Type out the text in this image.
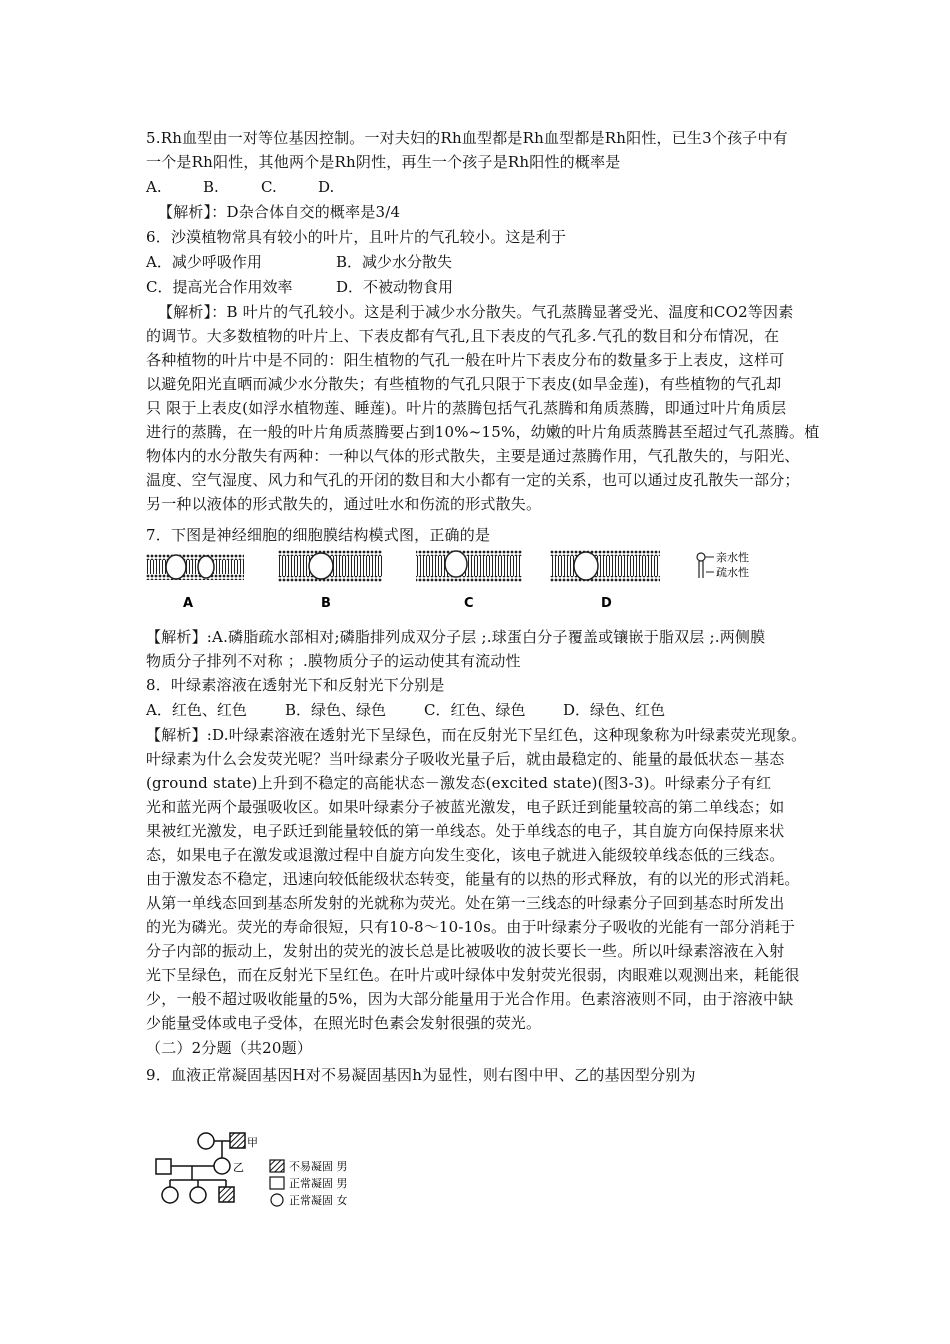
5.Rh血型由一对等位基因控制。一对夫妇的Rh血型都是Rh血型都是Rh阳性，已生3个孩子中有
一个是Rh阳性，其他两个是Rh阴性，再生一个孩子是Rh阳性的概率是
A.	B.	C.	D.
【解析】：D杂合体自交的概率是3/4
6．沙漠植物常具有较小的叶片，且叶片的气孔较小。这是利于
A．减少呼吸作用	B．减少水分散失
C．提高光合作用效率	D．不被动物食用
【解析】：B 叶片的气孔较小。这是利于减少水分散失。气孔蒸腾显著受光、温度和CO2等因素
的调节。大多数植物的叶片上、下表皮都有气孔,且下表皮的气孔多.气孔的数目和分布情况，在
各种植物的叶片中是不同的：阳生植物的气孔一般在叶片下表皮分布的数量多于上表皮，这样可
以避免阳光直晒而减少水分散失；有些植物的气孔只限于下表皮(如旱金莲)，有些植物的气孔却
只 限于上表皮(如浮水植物莲、睡莲)。叶片的蒸腾包括气孔蒸腾和角质蒸腾，即通过叶片角质层
进行的蒸腾，在一般的叶片角质蒸腾要占到10%~15%，幼嫩的叶片角质蒸腾甚至超过气孔蒸腾。植
物体内的水分散失有两种：一种以气体的形式散失，主要是通过蒸腾作用，气孔散失的，与阳光、
温度、空气湿度、风力和气孔的开闭的数目和大小都有一定的关系，也可以通过皮孔散失一部分；
另一种以液体的形式散失的，通过吐水和伤流的形式散失。
7．下图是神经细胞的细胞膜结构模式图，正确的是
亲水性
疏水性
A	B	C	D
【解析】:A.磷脂疏水部相对;磷脂排列成双分子层 ;.球蛋白分子覆盖或镶嵌于脂双层 ;.两侧膜
物质分子排列不对称 ；.膜物质分子的运动使其有流动性
8．叶绿素溶液在透射光下和反射光下分别是
A．红色、红色	B．绿色、绿色	C．红色、绿色	D．绿色、红色
【解析】:D.叶绿素溶液在透射光下呈绿色，而在反射光下呈红色，这种现象称为叶绿素荧光现象。
叶绿素为什么会发荧光呢？当叶绿素分子吸收光量子后，就由最稳定的、能量的最低状态－基态
(ground state)上升到不稳定的高能状态－激发态(excited state)(图3-3)。叶绿素分子有红
光和蓝光两个最强吸收区。如果叶绿素分子被蓝光激发，电子跃迁到能量较高的第二单线态；如
果被红光激发，电子跃迁到能量较低的第一单线态。处于单线态的电子，其自旋方向保持原来状
态，如果电子在激发或退激过程中自旋方向发生变化，该电子就进入能级较单线态低的三线态。
由于激发态不稳定，迅速向较低能级状态转变，能量有的以热的形式释放，有的以光的形式消耗。
从第一单线态回到基态所发射的光就称为荧光。处在第一三线态的叶绿素分子回到基态时所发出
的光为磷光。荧光的寿命很短，只有10-8～10-10s。由于叶绿素分子吸收的光能有一部分消耗于
分子内部的振动上，发射出的荧光的波长总是比被吸收的波长要长一些。所以叶绿素溶液在入射
光下呈绿色，而在反射光下呈红色。在叶片或叶绿体中发射荧光很弱，肉眼难以观测出来，耗能很
少，一般不超过吸收能量的5%，因为大部分能量用于光合作用。色素溶液则不同，由于溶液中缺
少能量受体或电子受体，在照光时色素会发射很强的荧光。
（二）2分题（共20题）
9．血液正常凝固基因H对不易凝固基因h为显性，则右图中甲、乙的基因型分别为
甲
乙	不易凝固 男
正常凝固 男
正常凝固 女
